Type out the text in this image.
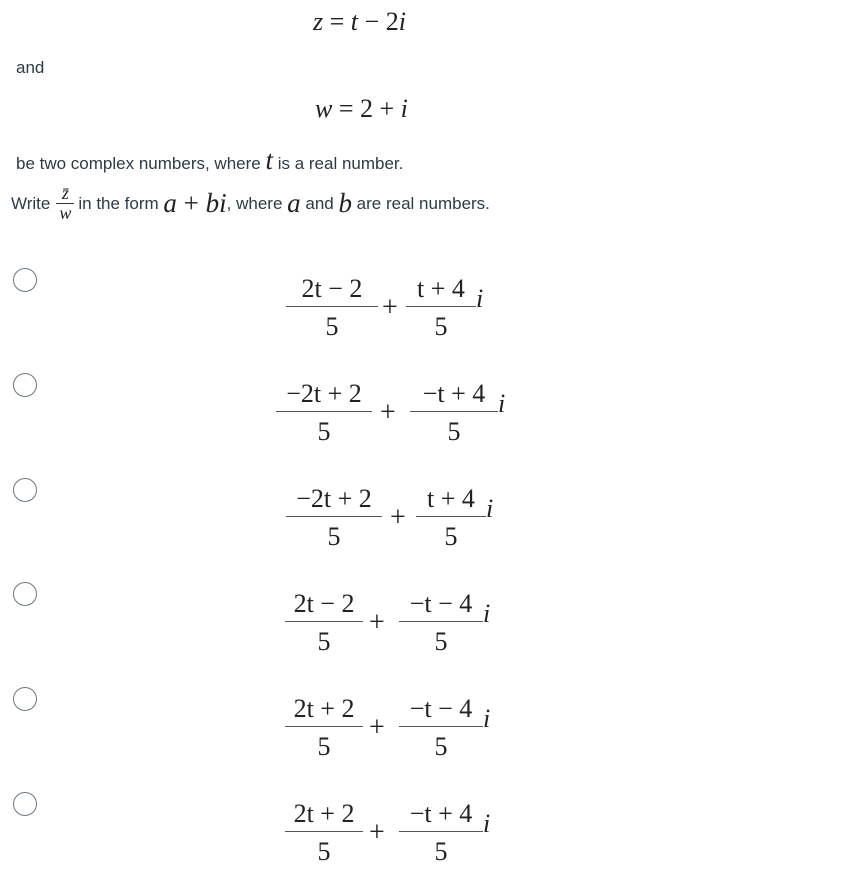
z = t − 2i
and
w = 2 + i
be two complex numbers, where t is a real number.
Write $\frac{z̄}{w}$ in the form a + bi , where a and b are real numbers.
2t − 2
5
+
t + 4
5
i
−2t + 2
5
+
−t + 4
5
i
−2t + 2
5
+
t + 4
5
i
2t − 2
5
+
−t − 4
5
i
2t + 2
5
+
−t − 4
5
i
2t + 2
5
+
−t + 4
5
i
